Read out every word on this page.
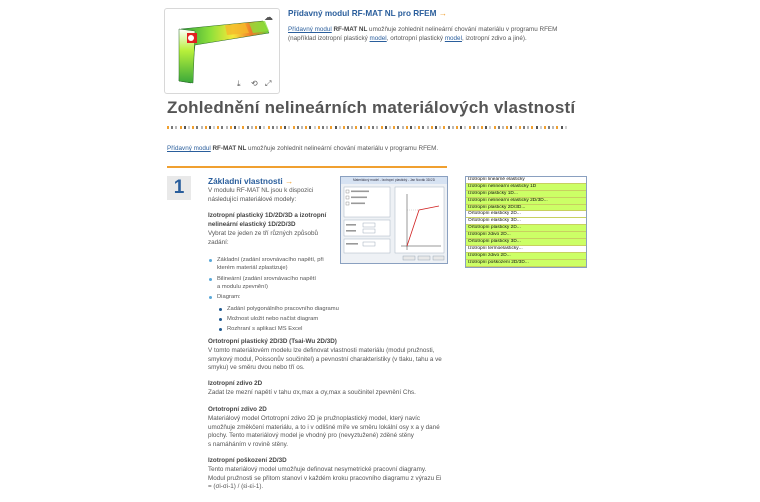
☁
⤓ ⟲ ⤢
Přídavný modul RF-MAT NL pro RFEM →
Přídavný modul RF-MAT NL umožňuje zohlednit nelineární chování materiálu v programu RFEM (například izotropní plastický model, ortotropní plastický model, izotropní zdivo a jiné).
Zohlednění nelineárních materiálových vlastností
Přídavný modul RF-MAT NL umožňuje zohlednit nelineární chování materiálu v programu RFEM.
1	Základní vlastnosti →
V modulu RF-MAT NL jsou k dispozici
následující materiálové modely:
Izotropní plastický 1D/2D/3D a izotropní
nelineární elastický 1D/2D/3D
Vybrat lze jeden ze tří různých způsobů
zadání:
Základní (zadání srovnávacího napětí, při
kterém materiál zplastizuje)
Bilineární (zadání srovnávacího napětí
a modulu zpevnění)
Diagram:
Zadání polygonálního pracovního diagramu
Možnost uložit nebo načíst diagram
Rozhraní s aplikací MS Excel
Ortotropní plastický 2D/3D (Tsai-Wu 2D/3D)
V tomto materiálovém modelu lze definovat vlastnosti materiálu (modul pružnosti,
smykový modul, Poissonův součinitel) a pevnostní charakteristiky (v tlaku, tahu a ve
smyku) ve směru dvou nebo tří os.
Izotropní zdivo 2D
Zadat lze mezní napětí v tahu σx,max a σy,max a součinitel zpevnění Chs.
Ortotropní zdivo 2D
Materiálový model Ortotropní zdivo 2D je pružnoplastický model, který navíc
umožňuje změkčení materiálu, a to i v odlišné míře ve směru lokální osy x a y dané
plochy. Tento materiálový model je vhodný pro (nevyztužené) zděné stěny
s namáháním v rovině stěny.
Izotropní poškození 2D/3D
Tento materiálový model umožňuje definovat nesymetrické pracovní diagramy.
Modul pružnosti se přitom stanoví v každém kroku pracovního diagramu z výrazu Ei
= (σi-σi-1) / (εi-εi-1).
Materiálový model - Izotropní plastický - Jan Novák 3D/2D	Izotropní lineárně elastický
Izotropní nelineární elastický 1D
Izotropní plastický 1D...
Izotropní nelineární elastický 2D/3D...
Izotropní plastický 2D/3D...
Ortotropní elastický 2D...
Ortotropní elastický 3D...
Ortotropní plastický 2D...
Izotropní zdivo 2D...
Ortotropní plastický 3D...
Izotropní termoelastický...
Izotropní zdivo 2D...
Izotropní poškození 2D/3D...
